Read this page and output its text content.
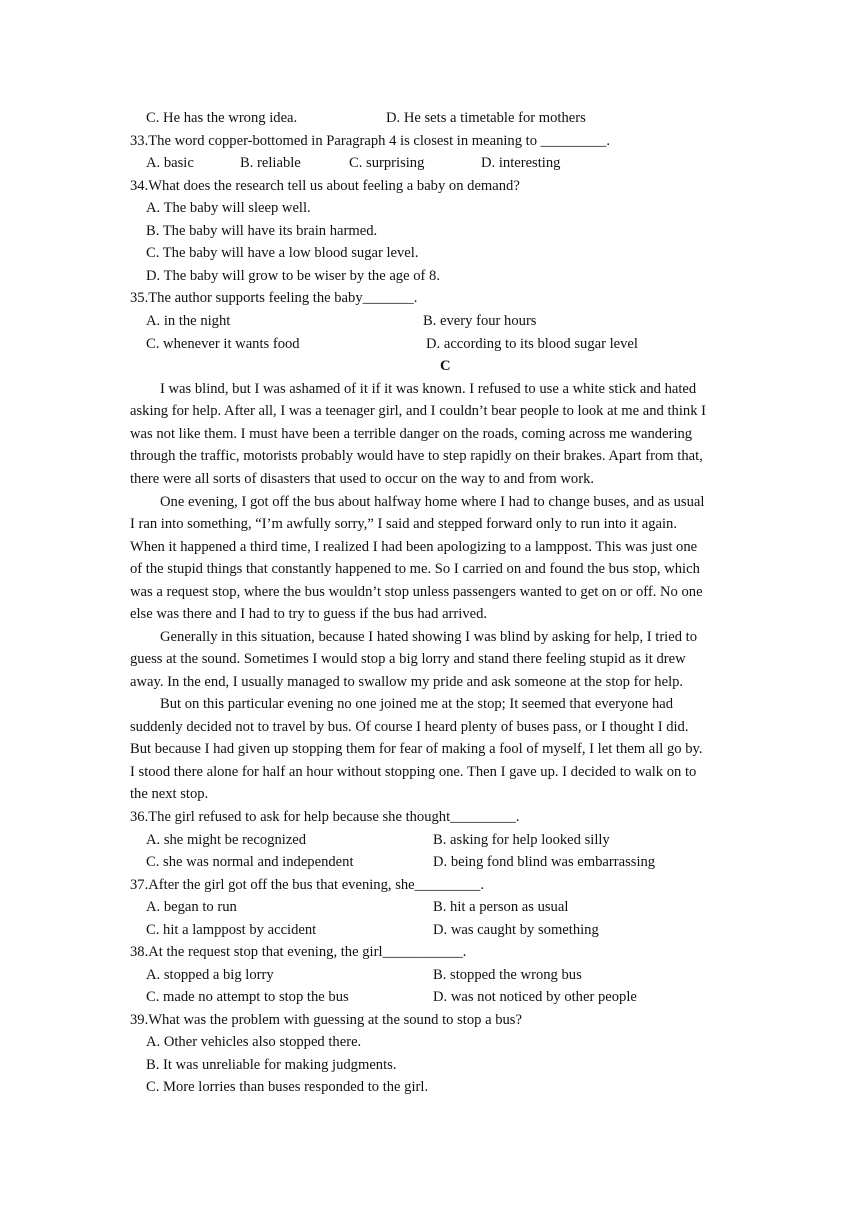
C. He has the wrong idea.	D. He sets a timetable for mothers
33.The word copper-bottomed in Paragraph 4 is closest in meaning to _________.
A. basic	B. reliable	C. surprising	D. interesting
34.What does the research tell us about feeling a baby on demand?
A. The baby will sleep well.
B. The baby will have its brain harmed.
C. The baby will have a low blood sugar level.
D. The baby will grow to be wiser by the age of 8.
35.The author supports feeling the baby_______.
A. in the night	B. every four hours
C. whenever it wants food	D. according to its blood sugar level
C
I was blind, but I was ashamed of it if it was known. I refused to use a white stick and hated
asking for help. After all, I was a teenager girl, and I couldn’t bear people to look at me and think I
was not like them. I must have been a terrible danger on the roads, coming across me wandering
through the traffic, motorists probably would have to step rapidly on their brakes. Apart from that,
there were all sorts of disasters that used to occur on the way to and from work.
One evening, I got off the bus about halfway home where I had to change buses, and as usual
I ran into something, “I’m awfully sorry,” I said and stepped forward only to run into it again.
When it happened a third time, I realized I had been apologizing to a lamppost. This was just one
of the stupid things that constantly happened to me. So I carried on and found the bus stop, which
was a request stop, where the bus wouldn’t stop unless passengers wanted to get on or off. No one
else was there and I had to try to guess if the bus had arrived.
Generally in this situation, because I hated showing I was blind by asking for help, I tried to
guess at the sound. Sometimes I would stop a big lorry and stand there feeling stupid as it drew
away. In the end, I usually managed to swallow my pride and ask someone at the stop for help.
But on this particular evening no one joined me at the stop; It seemed that everyone had
suddenly decided not to travel by bus. Of course I heard plenty of buses pass, or I thought I did.
But because I had given up stopping them for fear of making a fool of myself, I let them all go by.
I stood there alone for half an hour without stopping one. Then I gave up. I decided to walk on to
the next stop.
36.The girl refused to ask for help because she thought_________.
A. she might be recognized	B. asking for help looked silly
C. she was normal and independent	D. being fond blind was embarrassing
37.After the girl got off the bus that evening, she_________.
A. began to run	B. hit a person as usual
C. hit a lamppost by accident	D. was caught by something
38.At the request stop that evening, the girl___________.
A. stopped a big lorry	B. stopped the wrong bus
C. made no attempt to stop the bus	D. was not noticed by other people
39.What was the problem with guessing at the sound to stop a bus?
A. Other vehicles also stopped there.
B. It was unreliable for making judgments.
C. More lorries than buses responded to the girl.
